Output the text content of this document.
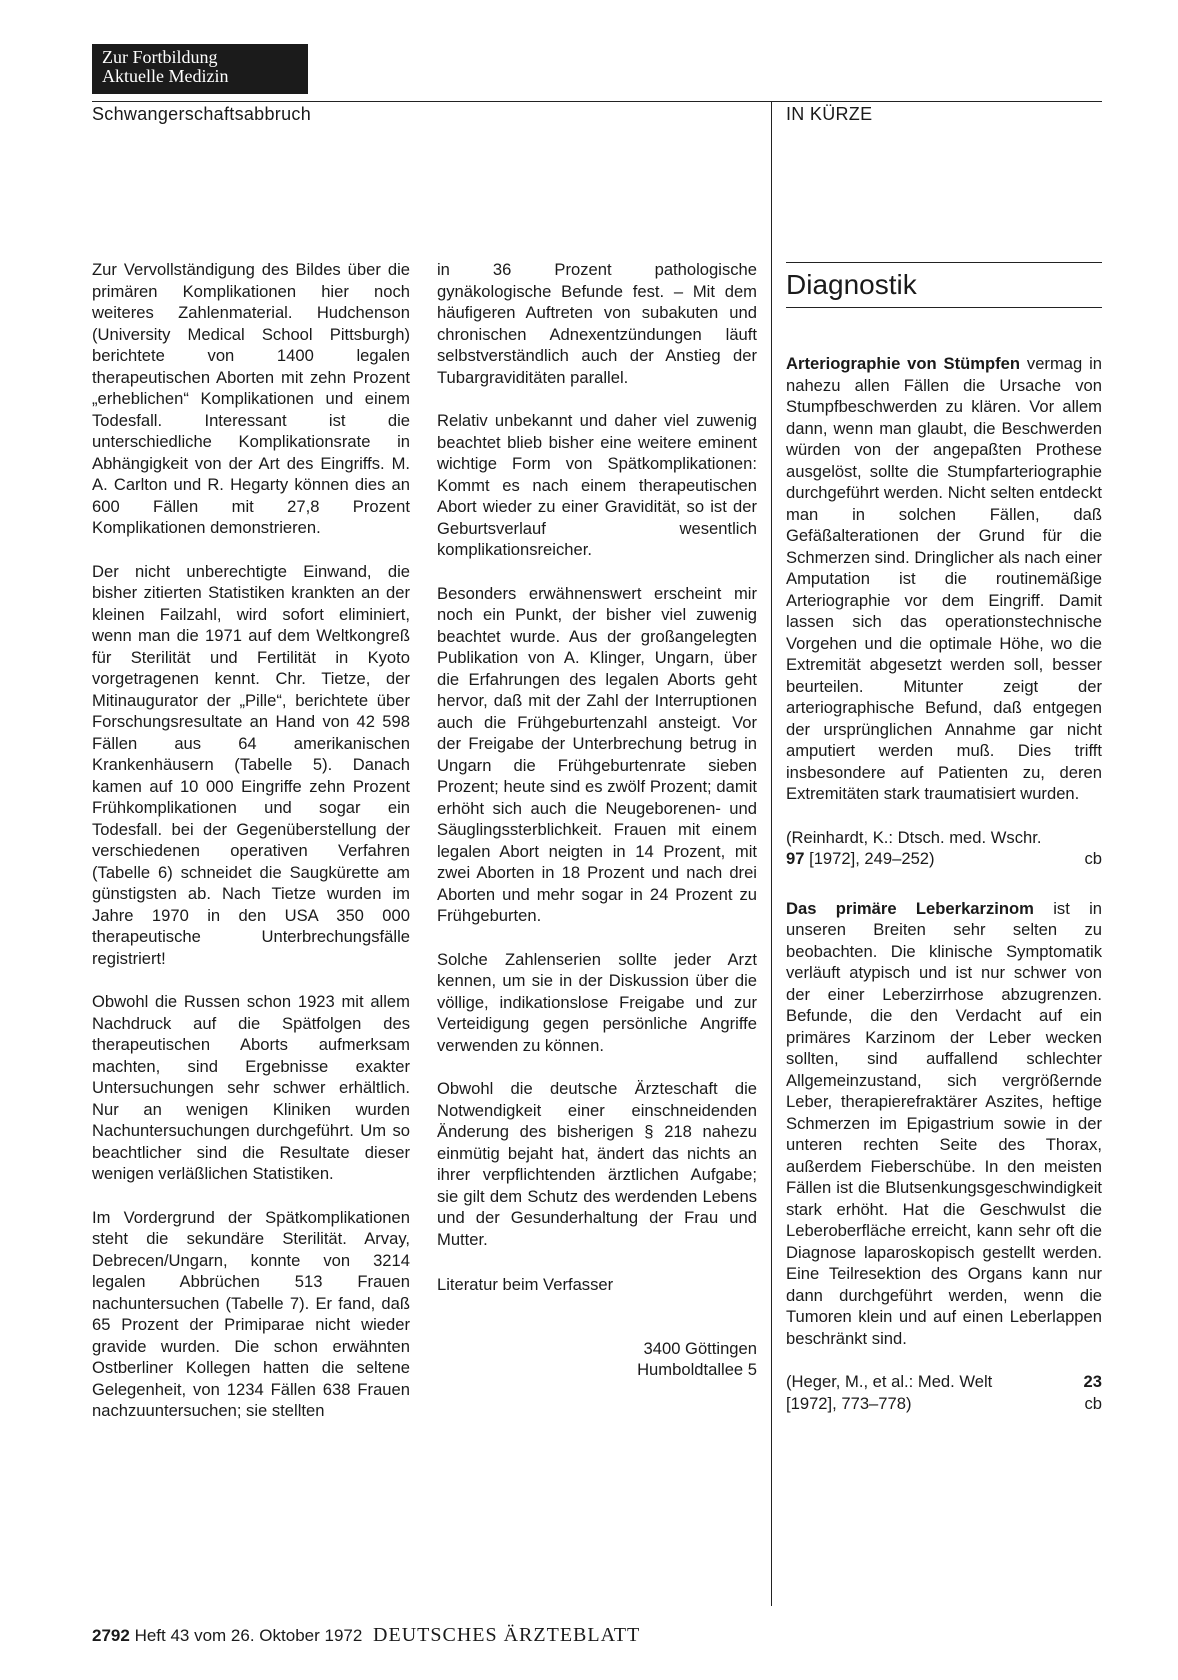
Zur Fortbildung
Aktuelle Medizin
Schwangerschaftsabbruch	IN KÜRZE

Zur Vervollständigung des Bildes über die primären Komplikationen hier noch weiteres Zahlenmaterial. Hudchenson (University Medical School Pittsburgh) berichtete von 1400 legalen therapeutischen Aborten mit zehn Prozent „erheblichen“ Komplikationen und einem Todesfall. Interessant ist die unterschiedliche Komplikationsrate in Abhängigkeit von der Art des Eingriffs. M. A. Carlton und R. Hegarty können dies an 600 Fällen mit 27,8 Prozent Komplikationen demonstrieren.

Der nicht unberechtigte Einwand, die bisher zitierten Statistiken krankten an der kleinen Failzahl, wird sofort eliminiert, wenn man die 1971 auf dem Weltkongreß für Sterilität und Fertilität in Kyoto vorgetragenen kennt. Chr. Tietze, der Mitinaugurator der „Pille“, berichtete über Forschungsresultate an Hand von 42 598 Fällen aus 64 amerikanischen Krankenhäusern (Tabelle 5). Danach kamen auf 10 000 Eingriffe zehn Prozent Frühkomplikationen und sogar ein Todesfall. bei der Gegenüberstellung der verschiedenen operativen Verfahren (Tabelle 6) schneidet die Saugkürette am günstigsten ab. Nach Tietze wurden im Jahre 1970 in den USA 350 000 therapeutische Unterbrechungsfälle registriert!

Obwohl die Russen schon 1923 mit allem Nachdruck auf die Spätfolgen des therapeutischen Aborts aufmerksam machten, sind Ergebnisse exakter Untersuchungen sehr schwer erhältlich. Nur an wenigen Kliniken wurden Nachuntersuchungen durchgeführt. Um so beachtlicher sind die Resultate dieser wenigen verläßlichen Statistiken.

Im Vordergrund der Spätkomplikationen steht die sekundäre Sterilität. Arvay, Debrecen/Ungarn, konnte von 3214 legalen Abbrüchen 513 Frauen nachuntersuchen (Tabelle 7). Er fand, daß 65 Prozent der Primiparae nicht wieder gravide wurden. Die schon erwähnten Ostberliner Kollegen hatten die seltene Gelegenheit, von 1234 Fällen 638 Frauen nachzuuntersuchen; sie stellten

in 36 Prozent pathologische gynäkologische Befunde fest. – Mit dem häufigeren Auftreten von subakuten und chronischen Adnexentzündungen läuft selbstverständlich auch der Anstieg der Tubargraviditäten parallel.

Relativ unbekannt und daher viel zuwenig beachtet blieb bisher eine weitere eminent wichtige Form von Spätkomplikationen: Kommt es nach einem therapeutischen Abort wieder zu einer Gravidität, so ist der Geburtsverlauf wesentlich komplikationsreicher.

Besonders erwähnenswert erscheint mir noch ein Punkt, der bisher viel zuwenig beachtet wurde. Aus der großangelegten Publikation von A. Klinger, Ungarn, über die Erfahrungen des legalen Aborts geht hervor, daß mit der Zahl der Interruptionen auch die Frühgeburtenzahl ansteigt. Vor der Freigabe der Unterbrechung betrug in Ungarn die Frühgeburtenrate sieben Prozent; heute sind es zwölf Prozent; damit erhöht sich auch die Neugeborenen- und Säuglingssterblichkeit. Frauen mit einem legalen Abort neigten in 14 Prozent, mit zwei Aborten in 18 Prozent und nach drei Aborten und mehr sogar in 24 Prozent zu Frühgeburten.

Solche Zahlenserien sollte jeder Arzt kennen, um sie in der Diskussion über die völlige, indikationslose Freigabe und zur Verteidigung gegen persönliche Angriffe verwenden zu können.

Obwohl die deutsche Ärzteschaft die Notwendigkeit einer einschneidenden Änderung des bisherigen § 218 nahezu einmütig bejaht hat, ändert das nichts an ihrer verpflichtenden ärztlichen Aufgabe; sie gilt dem Schutz des werdenden Lebens und der Gesunderhaltung der Frau und Mutter.

Literatur beim Verfasser
3400 Göttingen
Humboldtallee 5
Diagnostik

Arteriographie von Stümpfen vermag in nahezu allen Fällen die Ursache von Stumpfbeschwerden zu klären. Vor allem dann, wenn man glaubt, die Beschwerden würden von der angepaßten Prothese ausgelöst, sollte die Stumpfarteriographie durchgeführt werden. Nicht selten entdeckt man in solchen Fällen, daß Gefäßalterationen der Grund für die Schmerzen sind. Dringlicher als nach einer Amputation ist die routinemäßige Arteriographie vor dem Eingriff. Damit lassen sich das operationstechnische Vorgehen und die optimale Höhe, wo die Extremität abgesetzt werden soll, besser beurteilen. Mitunter zeigt der arteriographische Befund, daß entgegen der ursprünglichen Annahme gar nicht amputiert werden muß. Dies trifft insbesondere auf Patienten zu, deren Extremitäten stark traumatisiert wurden.

(Reinhardt, K.: Dtsch. med. Wschr.
97 [1972], 249–252)	cb

Das primäre Leberkarzinom ist in unseren Breiten sehr selten zu beobachten. Die klinische Symptomatik verläuft atypisch und ist nur schwer von der einer Leberzirrhose abzugrenzen. Befunde, die den Verdacht auf ein primäres Karzinom der Leber wecken sollten, sind auffallend schlechter Allgemeinzustand, sich vergrößernde Leber, therapierefraktärer Aszites, heftige Schmerzen im Epigastrium sowie in der unteren rechten Seite des Thorax, außerdem Fieberschübe. In den meisten Fällen ist die Blutsenkungsgeschwindigkeit stark erhöht. Hat die Geschwulst die Leberoberfläche erreicht, kann sehr oft die Diagnose laparoskopisch gestellt werden. Eine Teilresektion des Organs kann nur dann durchgeführt werden, wenn die Tumoren klein und auf einen Leberlappen beschränkt sind.

(Heger, M., et al.: Med. Welt	23
[1972], 773–778)	cb
2792 Heft 43 vom 26. Oktober 1972 DEUTSCHES ÄRZTEBLATT
